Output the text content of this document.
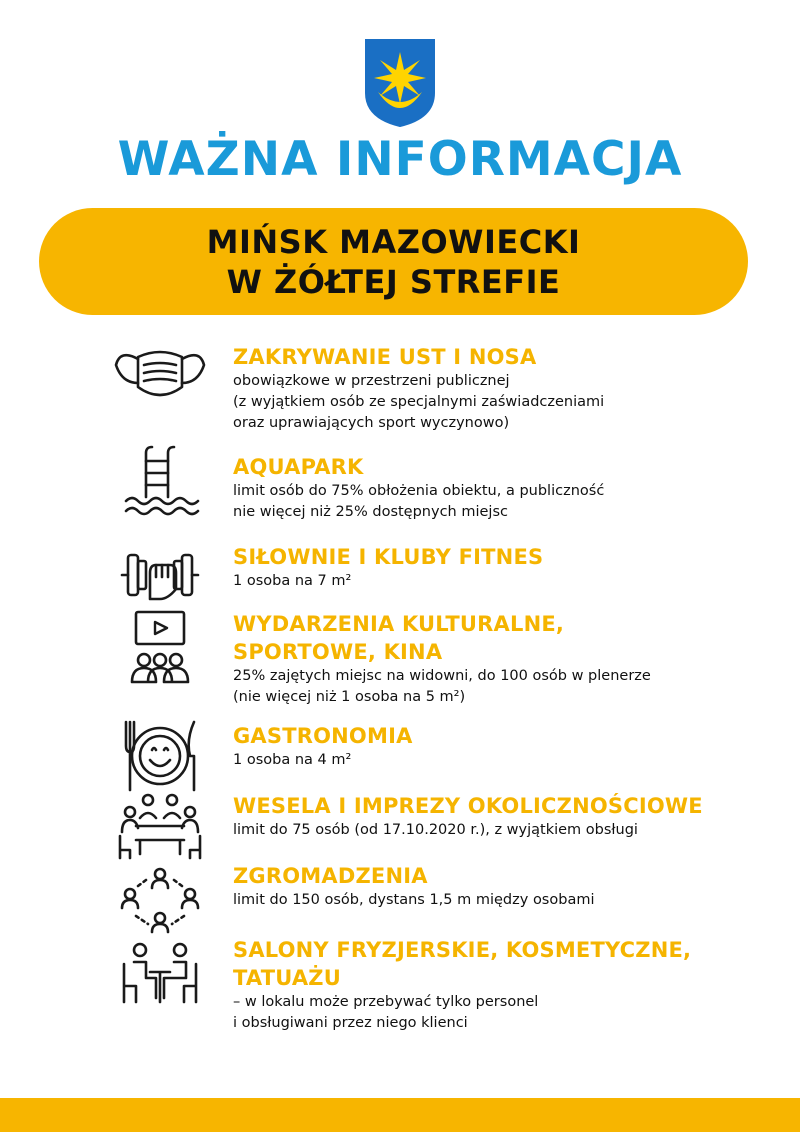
WAŻNA INFORMACJA
MIŃSK MAZOWIECKI
W ŻÓŁTEJ STREFIE
ZAKRYWANIE UST I NOSA
obowiązkowe w przestrzeni publicznej
(z wyjątkiem osób ze specjalnymi zaświadczeniami
oraz uprawiających sport wyczynowo)
AQUAPARK
limit osób do 75% obłożenia obiektu, a publiczność
nie więcej niż 25% dostępnych miejsc
SIŁOWNIE I KLUBY FITNES
1 osoba na 7 m²
WYDARZENIA KULTURALNE,
SPORTOWE, KINA
25% zajętych miejsc na widowni, do 100 osób w plenerze
(nie więcej niż 1 osoba na 5 m²)
GASTRONOMIA
1 osoba na 4 m²
WESELA I IMPREZY OKOLICZNOŚCIOWE
limit do 75 osób (od 17.10.2020 r.), z wyjątkiem obsługi
ZGROMADZENIA
limit do 150 osób, dystans 1,5 m między osobami
SALONY FRYZJERSKIE, KOSMETYCZNE,
TATUAŻU
– w lokalu może przebywać tylko personel
i obsługiwani przez niego klienci
